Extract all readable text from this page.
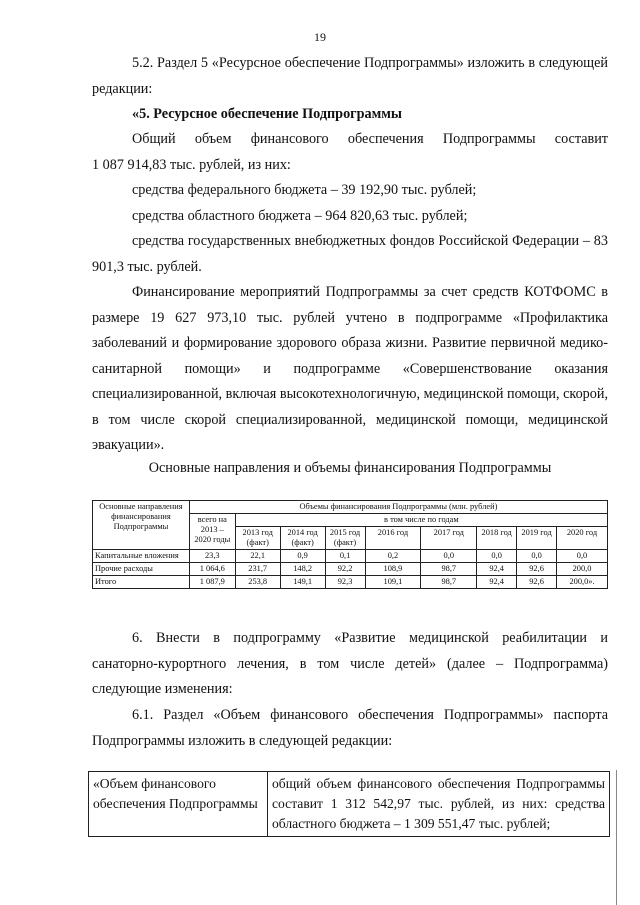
19
5.2. Раздел 5 «Ресурсное обеспечение Подпрограммы» изложить в следующей редакции:
«5. Ресурсное обеспечение Подпрограммы
Общий объем финансового обеспечения Подпрограммы составит
1 087 914,83 тыс. рублей, из них:
средства федерального бюджета – 39 192,90 тыс. рублей;
средства областного бюджета – 964 820,63 тыс. рублей;
средства государственных внебюджетных фондов Российской Федерации – 83 901,3 тыс. рублей.
Финансирование мероприятий Подпрограммы за счет средств КОТФОМС в размере 19 627 973,10 тыс. рублей учтено в подпрограмме «Профилактика заболеваний и формирование здорового образа жизни. Развитие первичной медико-санитарной помощи» и подпрограмме «Совершенствование оказания специализированной, включая высокотехнологичную, медицинской помощи, скорой, в том числе скорой специализированной, медицинской помощи, медицинской эвакуации».
Основные направления и объемы финансирования Подпрограммы
Основные направления финансирования Подпрограммы	Объемы финансирования Подпрограммы (млн. рублей)								
	всего на 2013 – 2020 годы	в том числе по годам							
		2013 год (факт)	2014 год (факт)	2015 год (факт)	2016 год	2017 год	2018 год	2019 год	2020 год
Капитальные вложения	23,3	22,1	0,9	0,1	0,2	0,0	0,0	0,0	0,0
Прочие расходы	1 064,6	231,7	148,2	92,2	108,9	98,7	92,4	92,6	200,0
Итого	1 087,9	253,8	149,1	92,3	109,1	98,7	92,4	92,6	200,0».
6. Внести в подпрограмму «Развитие медицинской реабилитации и санаторно-курортного лечения, в том числе детей» (далее – Подпрограмма) следующие изменения:
6.1. Раздел «Объем финансового обеспечения Подпрограммы» паспорта Подпрограммы изложить в следующей редакции:
«Объем финансового обеспечения Подпрограммы	общий объем финансового обеспечения Подпрограммы составит 1 312 542,97 тыс. рублей, из них: средства областного бюджета – 1 309 551,47 тыс. рублей;
